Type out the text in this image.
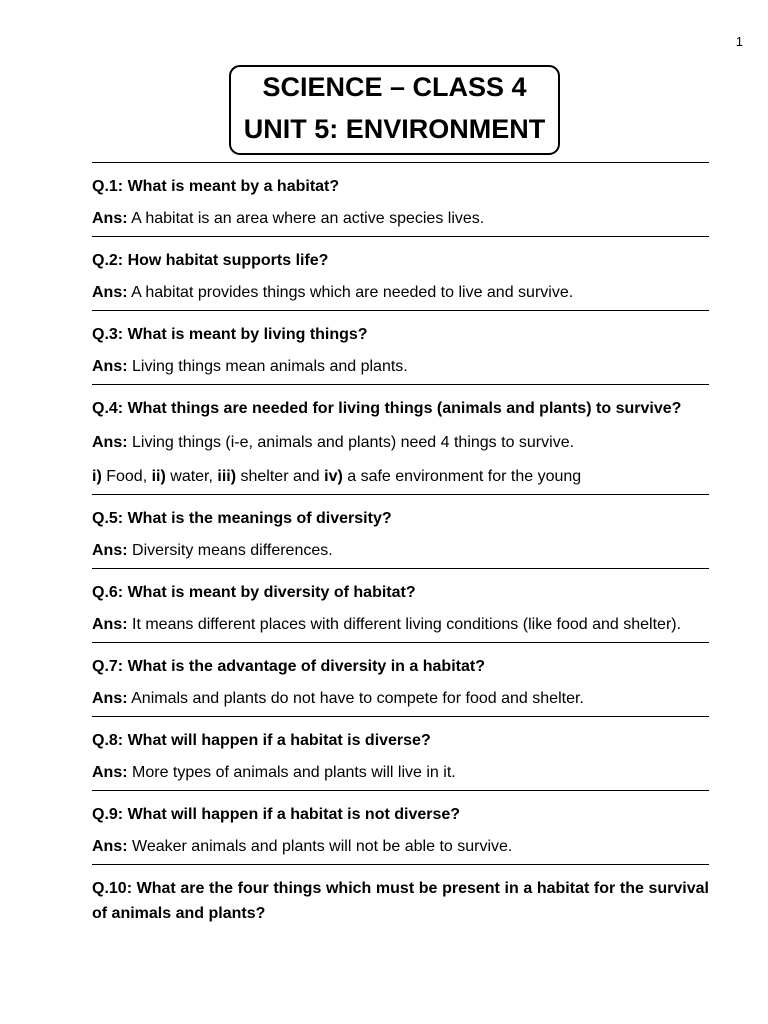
1
SCIENCE – CLASS 4
UNIT 5: ENVIRONMENT
Q.1: What is meant by a habitat?
Ans: A habitat is an area where an active species lives.
Q.2: How habitat supports life?
Ans: A habitat provides things which are needed to live and survive.
Q.3: What is meant by living things?
Ans: Living things mean animals and plants.
Q.4: What things are needed for living things (animals and plants) to survive?
Ans: Living things (i-e, animals and plants) need 4 things to survive.
i) Food, ii) water, iii) shelter and iv) a safe environment for the young
Q.5: What is the meanings of diversity?
Ans: Diversity means differences.
Q.6: What is meant by diversity of habitat?
Ans: It means different places with different living conditions (like food and shelter).
Q.7: What is the advantage of diversity in a habitat?
Ans: Animals and plants do not have to compete for food and shelter.
Q.8: What will happen if a habitat is diverse?
Ans: More types of animals and plants will live in it.
Q.9: What will happen if a habitat is not diverse?
Ans: Weaker animals and plants will not be able to survive.
Q.10: What are the four things which must be present in a habitat for the survival of animals and plants?
